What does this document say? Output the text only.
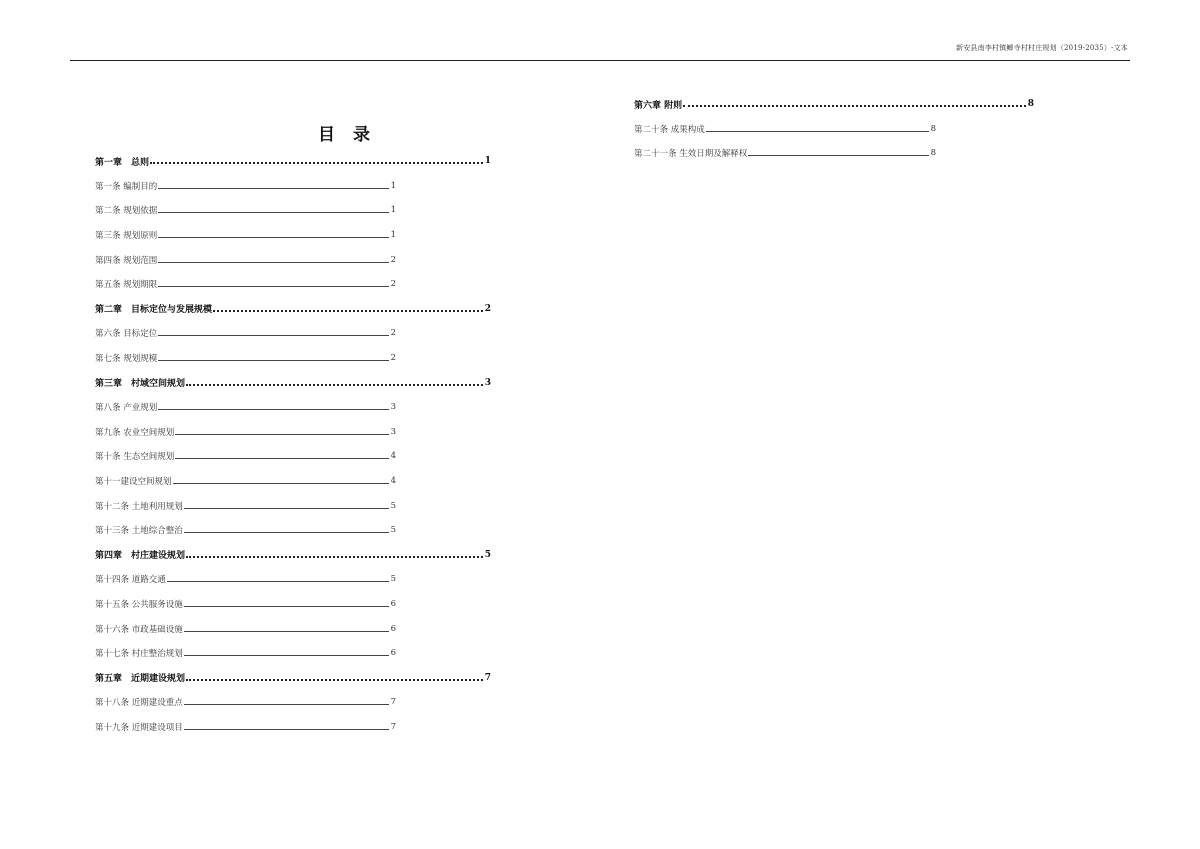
新安县南李村镇鲫寺村村庄规划（2019-2035）-文本
目录
第一章　总则	1
第一条 编制目的	1
第二条 规划依据	1
第三条 规划原则	1
第四条 规划范围	2
第五条 规划期限	2
第二章　目标定位与发展规模	2
第六条 目标定位	2
第七条 规划规模	2
第三章　村域空间规划	3
第八条 产业规划	3
第九条 农业空间规划	3
第十条 生态空间规划	4
第十一建设空间规划	4
第十二条 土地利用规划	5
第十三条 土地综合整治	5
第四章　村庄建设规划	5
第十四条 道路交通	5
第十五条 公共服务设施	6
第十六条 市政基础设施	6
第十七条 村庄整治规划	6
第五章　近期建设规划	7
第十八条 近期建设重点	7
第十九条 近期建设项目	7
第六章 附则	8
第二十条 成果构成	8
第二十一条 生效日期及解释权	8
